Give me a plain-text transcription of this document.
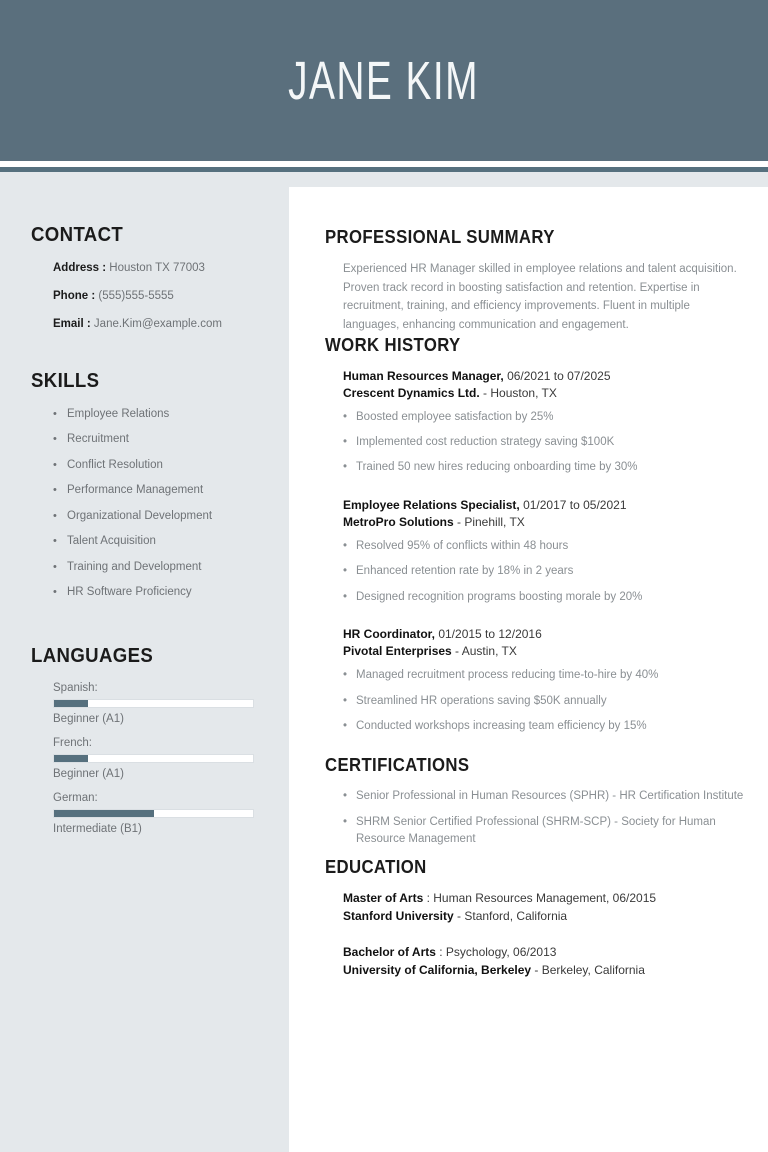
JANE KIM
CONTACT
Address : Houston TX 77003
Phone : (555)555-5555
Email : Jane.Kim@example.com
SKILLS
• Employee Relations
• Recruitment
• Conflict Resolution
• Performance Management
• Organizational Development
• Talent Acquisition
• Training and Development
• HR Software Proficiency
LANGUAGES
Spanish:
Beginner (A1)
French:
Beginner (A1)
German:
Intermediate (B1)
PROFESSIONAL SUMMARY

Experienced HR Manager skilled in employee relations and talent acquisition. Proven track record in boosting satisfaction and retention. Expertise in recruitment, training, and efficiency improvements. Fluent in multiple languages, enhancing communication and engagement.

WORK HISTORY
Human Resources Manager, 06/2021 to 07/2025
Crescent Dynamics Ltd. - Houston, TX
• Boosted employee satisfaction by 25%
• Implemented cost reduction strategy saving $100K
• Trained 50 new hires reducing onboarding time by 30%
Employee Relations Specialist, 01/2017 to 05/2021
MetroPro Solutions - Pinehill, TX
• Resolved 95% of conflicts within 48 hours
• Enhanced retention rate by 18% in 2 years
• Designed recognition programs boosting morale by 20%
HR Coordinator, 01/2015 to 12/2016
Pivotal Enterprises - Austin, TX
• Managed recruitment process reducing time-to-hire by 40%
• Streamlined HR operations saving $50K annually
• Conducted workshops increasing team efficiency by 15%
CERTIFICATIONS
• Senior Professional in Human Resources (SPHR) - HR Certification Institute
• SHRM Senior Certified Professional (SHRM-SCP) - Society for Human Resource Management
EDUCATION
Master of Arts : Human Resources Management, 06/2015
Stanford University - Stanford, California
Bachelor of Arts : Psychology, 06/2013
University of California, Berkeley - Berkeley, California
